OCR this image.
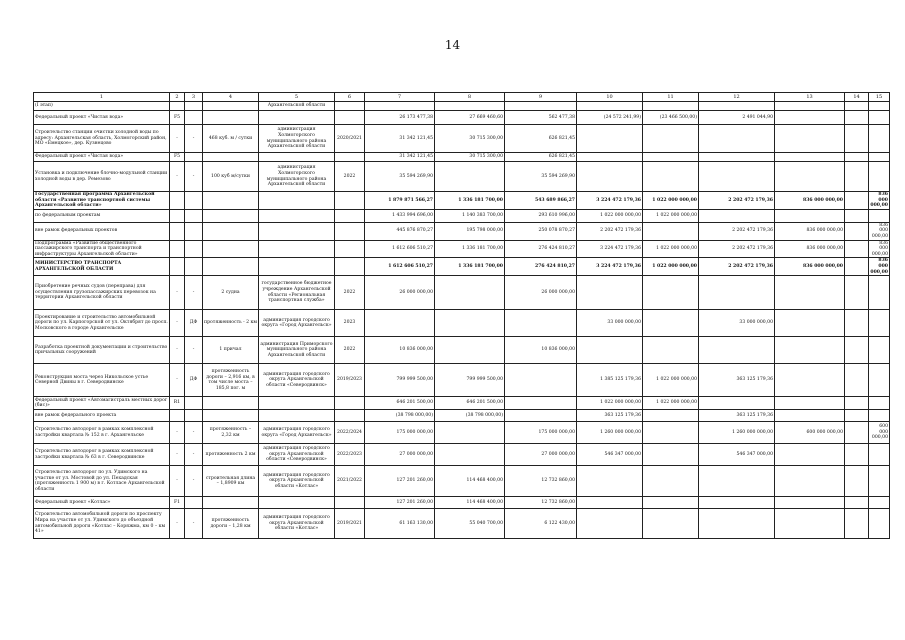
14
1	2	3	4	5	6	7	8	9	10	11	12	13	14	15
(I этап)				Архангельской области										
Федеральный проект «Чистая вода»	F5					26 173 477,38	27 669 460,60	562 477,38	(24 572 241,99)	(23 466 500,00)	2 491 044,90			
Строительство станции очистки холодной воды по адресу: Архангельская область, Холмогорский район, МО «Емецкое», дер. Кузнецово	-	-	468 куб. м / сутки	администрация Холмогорского муниципального района Архангельской области	2020/2021	31 342 121,45	30 715 300,00	626 821,45						
Федеральный проект «Чистая вода»	F5					31 342 121,45	30 715 300,00	626 821,45						
Установка и подключение блочно-модульной станции холодной воды в дер. Ремезово	-	-	100 куб м/сутки	администрация Холмогорского муниципального района Архангельской области	2022	35 594 269,90		35 594 269,90						
Государственная программа Архангельской области «Развитие транспортной системы Архангельской области»						1 879 871 566,27	1 336 181 700,00	543 689 866,27	3 224 472 179,36	1 022 000 000,00	2 202 472 179,36	836 000 000,00		836 000 000,00
по федеральным проектам						1 433 994 696,00	1 140 383 700,00	293 610 996,00	1 022 000 000,00	1 022 000 000,00				
вне рамок федеральных проектов						445 876 870,27	195 798 000,00	250 078 870,27	2 202 472 179,36		2 202 472 179,36	836 000 000,00		836 000 000,00
Подпрограмма «Развитие общественного пассажирского транспорта и транспортной инфраструктуры Архангельской области»						1 612 606 510,27	1 336 181 700,00	276 424 810,27	3 224 472 179,36	1 022 000 000,00	2 202 472 179,36	836 000 000,00		836 000 000,00
МИНИСТЕРСТВО ТРАНСПОРТА АРХАНГЕЛЬСКОЙ ОБЛАСТИ						1 612 606 510,27	1 336 181 700,00	276 424 810,27	3 224 472 179,36	1 022 000 000,00	2 202 472 179,36	836 000 000,00		836 000 000,00
Приобретение речных судов (переправа) для осуществления грузопассажирских перевозок на территории Архангельской области	-	-	2 судна	государственное бюджетное учреждение Архангельской области «Региональная транспортная служба»	2022	26 000 000,00		26 000 000,00						
Проектирование и строительство автомобильной дороги по ул. Карпогорской от ул. Октябрят до просп. Московского в городе Архангельске	-	ДФ	протяженность - 2 км	администрация городского округа «Город Архангельск»	2023				33 000 000,00		33 000 000,00			
Разработка проектной документации и строительство причальных сооружений	-	-	1 причал	администрация Приморского муниципального района Архангельской области	2022	10 836 000,00		10 836 000,00						
Реконструкция моста через Никольское устье Северной Двины в г. Северодвинске	-	ДФ	протяженность дороги – 2,916 км, в том числе моста – 185,8 пог. м	администрация городского округа Архангельской области «Северодвинск»	2019/2023	799 999 500,00	799 999 500,00		1 385 125 179,36	1 022 000 000,00	363 125 179,36			
Федеральный проект «Автомагистраль местных дорог (бис)»	R1					646 201 500,00	646 201 500,00		1 022 000 000,00	1 022 000 000,00				
вне рамок федерального проекта						(38 798 000,00)	(38 798 000,00)		363 125 179,36		363 125 179,36			
Строительство автодорог в рамках комплексной застройки квартала № 152 в г. Архангельске	-	-	протяженность – 2,32 км	администрация городского округа «Город Архангельск»	2022/2024	175 000 000,00		175 000 000,00	1 260 000 000,00		1 260 000 000,00	600 000 000,00		600 000 000,00
Строительство автодорог в рамках комплексной застройки квартала № 63 в г. Северодвинске	-	-	протяженность 2 км	администрация городского округа Архангельской области «Северодвинск»	2022/2023	27 000 000,00		27 000 000,00	546 347 000,00		546 347 000,00			
Строительство автодорог по ул. Удимского на участке от ул. Мостовой до ул. Пехадская (протяженность 1 900 м) в г. Котласе Архангельской области	-	-	строительная длина – 1,8909 км	администрация городского округа Архангельской области «Котлас»	2021/2022	127 201 260,00	114 468 400,00	12 732 860,00						
Федеральный проект «Котлас»	F1					127 201 260,00	114 468 400,00	12 732 860,00						
Строительство автомобильной дороги по проспекту Мира на участке от ул. Удимского до объездной автомобильной дороги «Котлас – Коряжма, км 0 – км 41»	-	-	протяженность дороги – 1,28 км	администрация городского округа Архангельской области «Котлас»	2019/2021	61 163 130,00	55 040 700,00	6 122 430,00						
